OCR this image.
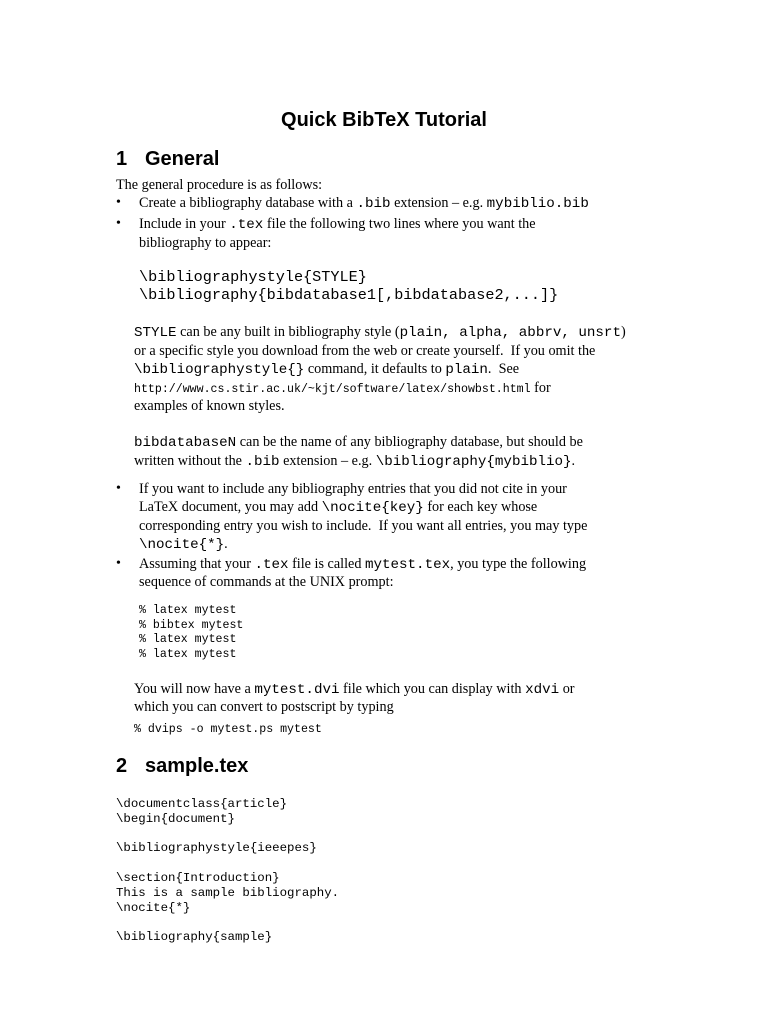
Quick BibTeX Tutorial
1 General
The general procedure is as follows:
• Create a bibliography database with a .bib extension – e.g. mybiblio.bib
• Include in your .tex file the following two lines where you want the
bibliography to appear:
\bibliographystyle{STYLE}
\bibliography{bibdatabase1[,bibdatabase2,...]}
STYLE can be any built in bibliography style (plain, alpha, abbrv, unsrt)
or a specific style you download from the web or create yourself.  If you omit the
\bibliographystyle{} command, it defaults to plain.  See
http://www.cs.stir.ac.uk/~kjt/software/latex/showbst.html for
examples of known styles.
bibdatabaseN can be the name of any bibliography database, but should be
written without the .bib extension – e.g. \bibliography{mybiblio}.
• If you want to include any bibliography entries that you did not cite in your
LaTeX document, you may add \nocite{key} for each key whose
corresponding entry you wish to include.  If you want all entries, you may type
\nocite{*}.
• Assuming that your .tex file is called mytest.tex, you type the following
sequence of commands at the UNIX prompt:
% latex mytest
% bibtex mytest
% latex mytest
% latex mytest
You will now have a mytest.dvi file which you can display with xdvi or
which you can convert to postscript by typing
% dvips -o mytest.ps mytest
2 sample.tex
\documentclass{article}
\begin{document}
\bibliographystyle{ieeepes}
\section{Introduction}
This is a sample bibliography.
\nocite{*}
\bibliography{sample}
